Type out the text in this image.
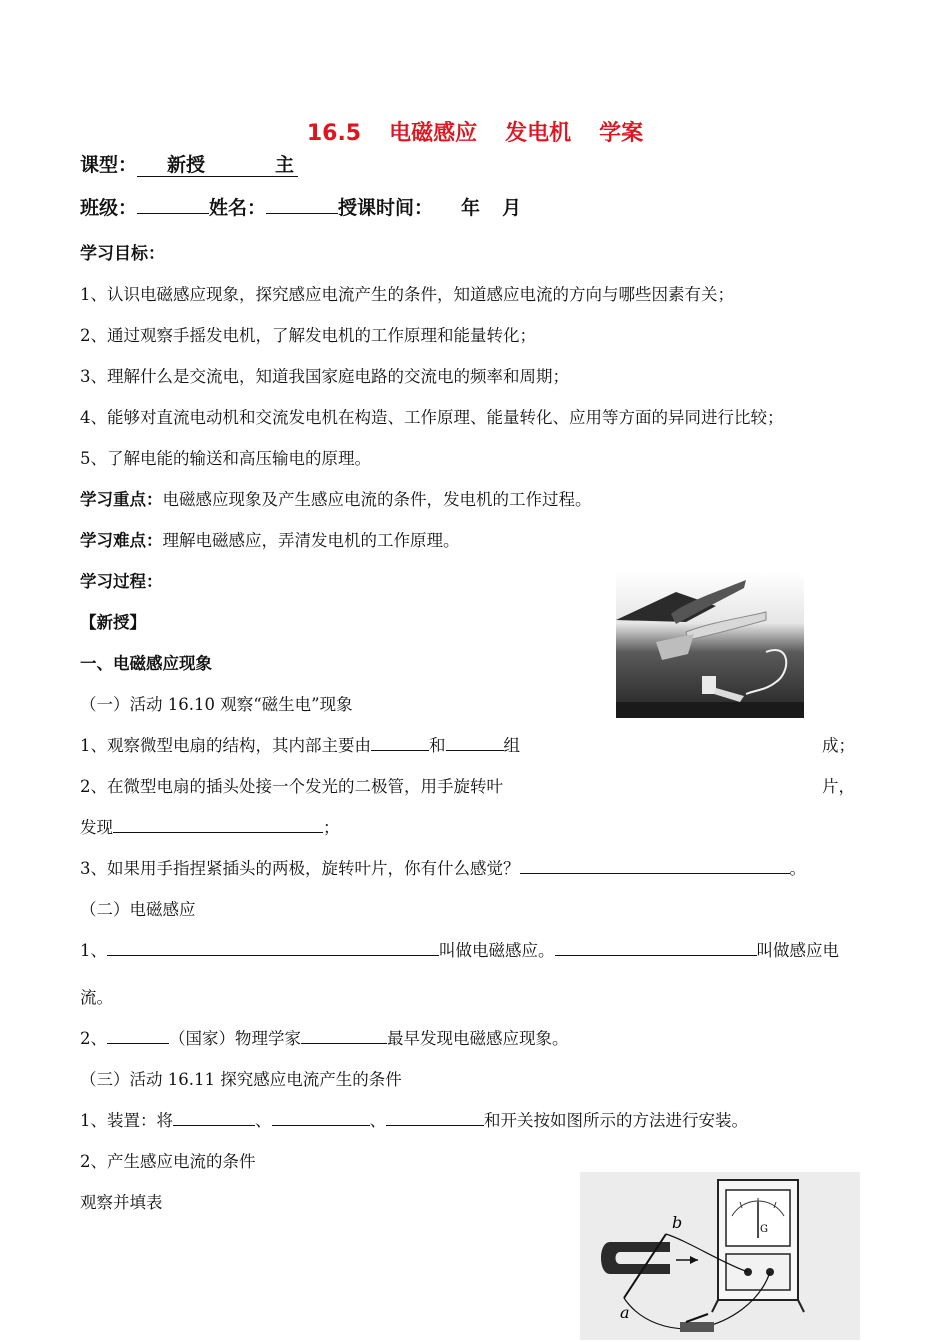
16.5 电磁感应 发电机 学案
课型： 新授	主
班级：	姓名：	授课时间： 年 月
学习目标：
1、认识电磁感应现象，探究感应电流产生的条件，知道感应电流的方向与哪些因素有关；
2、通过观察手摇发电机，了解发电机的工作原理和能量转化；
3、理解什么是交流电，知道我国家庭电路的交流电的频率和周期；
4、能够对直流电动机和交流发电机在构造、工作原理、能量转化、应用等方面的异同进行比较；
5、了解电能的输送和高压输电的原理。
学习重点：电磁感应现象及产生感应电流的条件，发电机的工作过程。
学习难点：理解电磁感应，弄清发电机的工作原理。
学习过程：
【新授】
一、电磁感应现象
（一）活动 16.10 观察“磁生电”现象
1、观察微型电扇的结构，其内部主要由	和	组	成；
2、在微型电扇的插头处接一个发光的二极管，用手旋转叶	片，
发现	；
3、如果用手指捏紧插头的两极，旋转叶片，你有什么感觉？	。
（二）电磁感应
1、	叫做电磁感应。	叫做感应电
流。
2、	（国家）物理学家	最早发现电磁感应现象。
（三）活动 16.11 探究感应电流产生的条件
1、装置：将	、	、	和开关按如图所示的方法进行安装。
2、产生感应电流的条件
观察并填表
G
b
a
